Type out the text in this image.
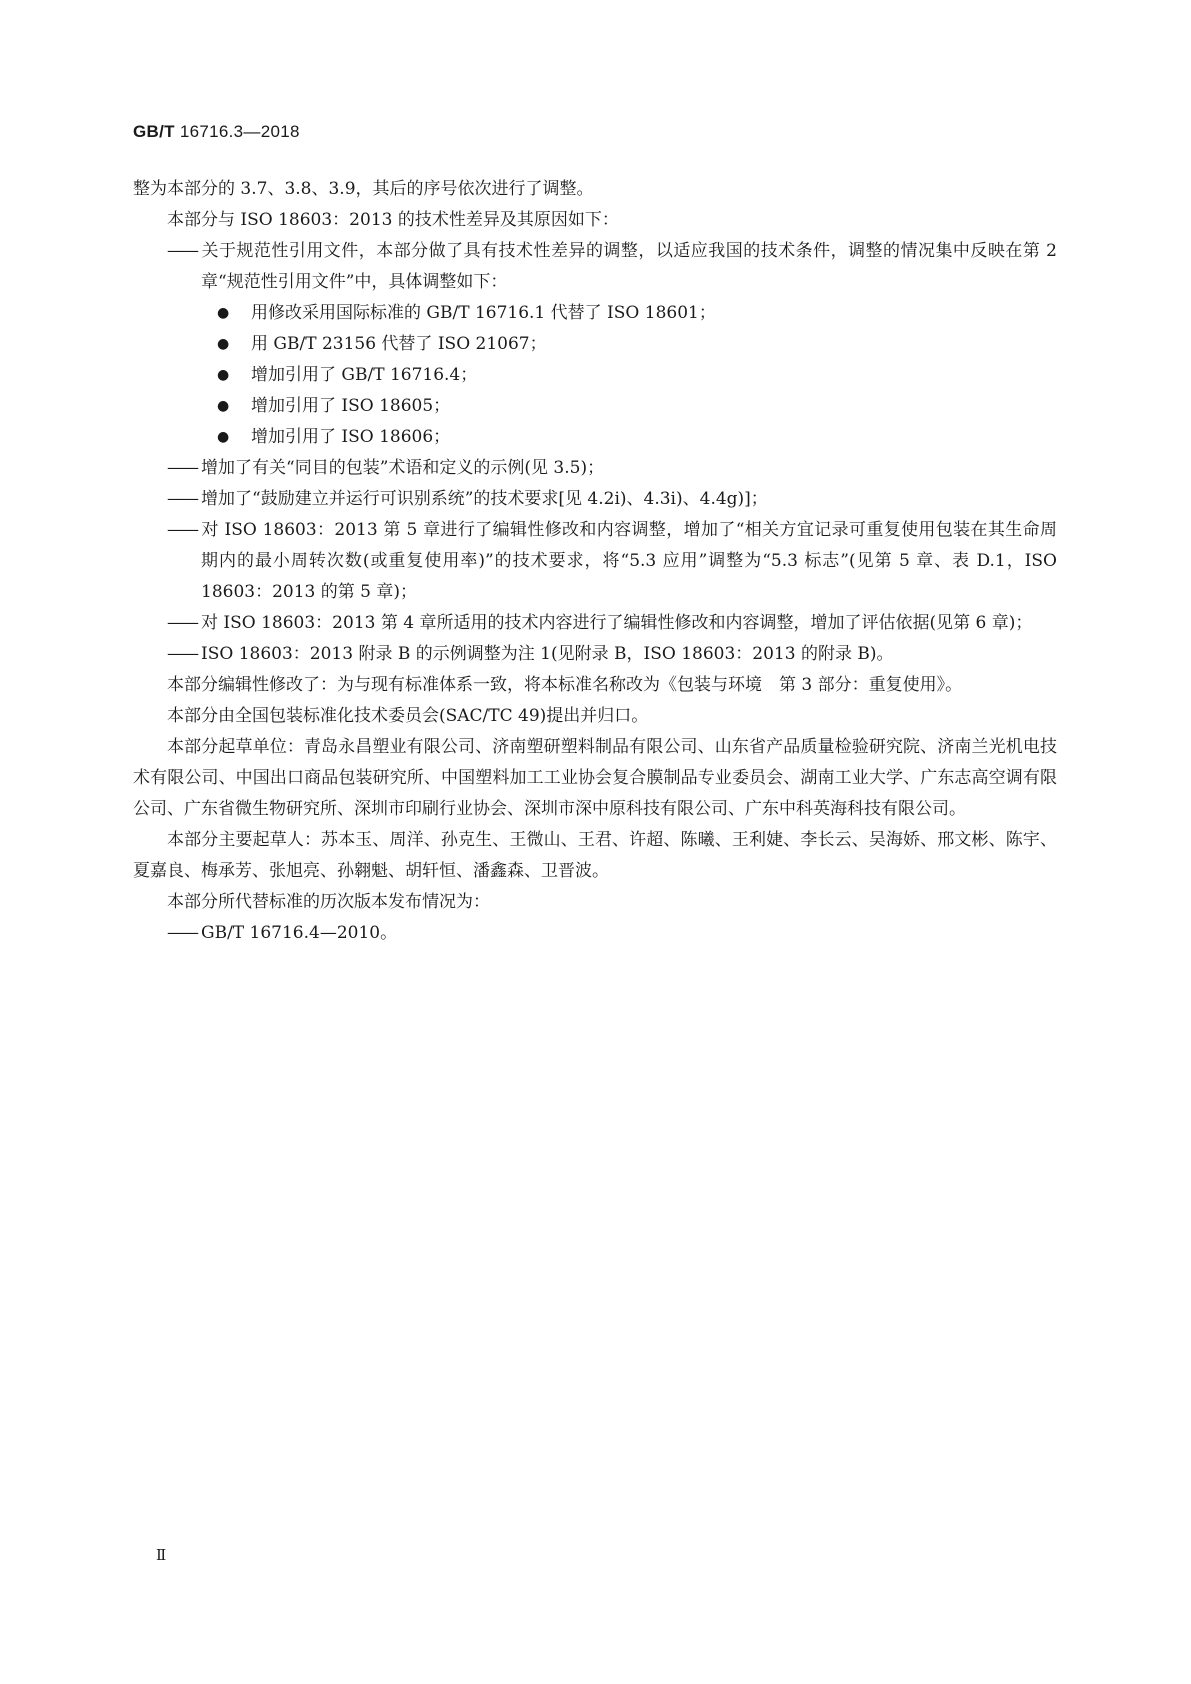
GB/T 16716.3—2018

整为本部分的 3.7、3.8、3.9，其后的序号依次进行了调整。

本部分与 ISO 18603：2013 的技术性差异及其原因如下：

—— 关于规范性引用文件，本部分做了具有技术性差异的调整，以适应我国的技术条件，调整的情况集中反映在第 2 章“规范性引用文件”中，具体调整如下：

● 用修改采用国际标准的 GB/T 16716.1 代替了 ISO 18601；

● 用 GB/T 23156 代替了 ISO 21067；

● 增加引用了 GB/T 16716.4；

● 增加引用了 ISO 18605；

● 增加引用了 ISO 18606；

—— 增加了有关“同目的包装”术语和定义的示例(见 3.5)；

—— 增加了“鼓励建立并运行可识别系统”的技术要求[见 4.2i)、4.3i)、4.4g)]；

—— 对 ISO 18603：2013 第 5 章进行了编辑性修改和内容调整，增加了“相关方宜记录可重复使用包装在其生命周期内的最小周转次数(或重复使用率)”的技术要求，将“5.3 应用”调整为“5.3 标志”(见第 5 章、表 D.1，ISO 18603：2013 的第 5 章)；

—— 对 ISO 18603：2013 第 4 章所适用的技术内容进行了编辑性修改和内容调整，增加了评估依据(见第 6 章)；

—— ISO 18603：2013 附录 B 的示例调整为注 1(见附录 B，ISO 18603：2013 的附录 B)。

本部分编辑性修改了：为与现有标准体系一致，将本标准名称改为《包装与环境　第 3 部分：重复使用》。

本部分由全国包装标准化技术委员会(SAC/TC 49)提出并归口。

本部分起草单位：青岛永昌塑业有限公司、济南塑研塑料制品有限公司、山东省产品质量检验研究院、济南兰光机电技术有限公司、中国出口商品包装研究所、中国塑料加工工业协会复合膜制品专业委员会、湖南工业大学、广东志高空调有限公司、广东省微生物研究所、深圳市印刷行业协会、深圳市深中原科技有限公司、广东中科英海科技有限公司。

本部分主要起草人：苏本玉、周洋、孙克生、王微山、王君、许超、陈曦、王利婕、李长云、吴海娇、邢文彬、陈宇、夏嘉良、梅承芳、张旭亮、孙翱魁、胡轩恒、潘鑫森、卫晋波。

本部分所代替标准的历次版本发布情况为：

—— GB/T 16716.4—2010。

Ⅱ
